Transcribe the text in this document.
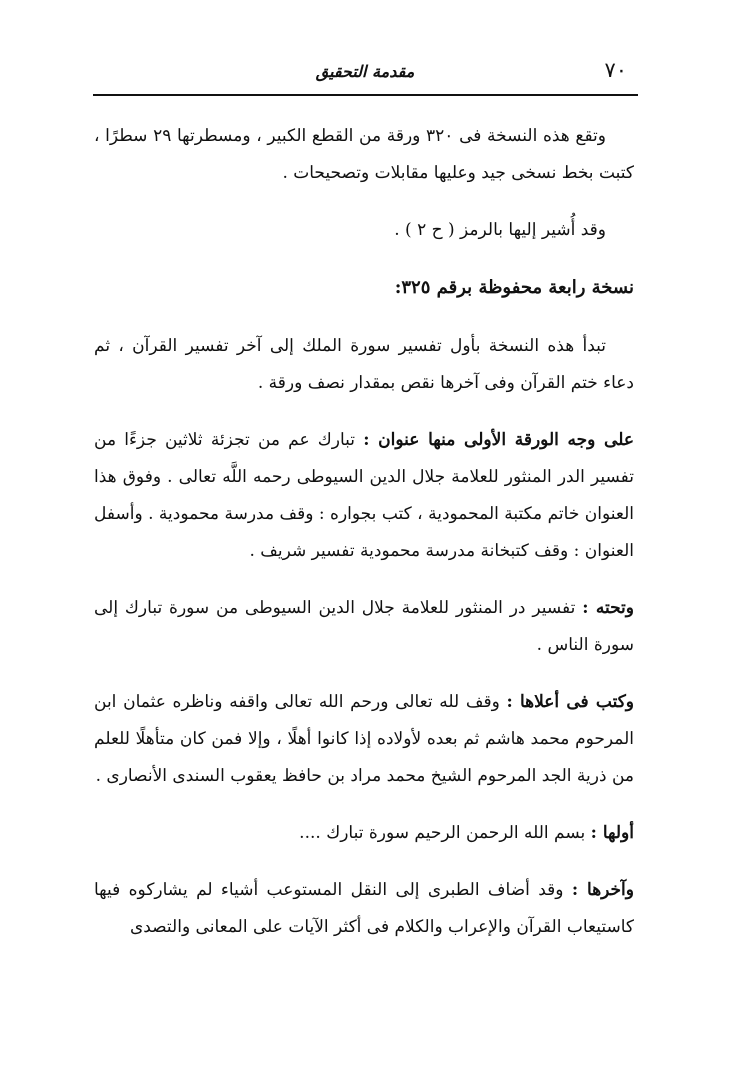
٧٠
مقدمة التحقيق

وتقع هذه النسخة فى ٣٢٠ ورقة من القطع الكبير ، ومسطرتها ٢٩ سطرًا ، كتبت بخط نسخى جيد وعليها مقابلات وتصحيحات .

وقد أُشير إليها بالرمز ( ح ٢ ) .

نسخة رابعة محفوظة برقم ٣٢٥:

تبدأ هذه النسخة بأول تفسير سورة الملك إلى آخر تفسير القرآن ، ثم دعاء ختم القرآن وفى آخرها نقص بمقدار نصف ورقة .

على وجه الورقة الأولى منها عنوان : تبارك عم من تجزئة ثلاثين جزءًا من تفسير الدر المنثور للعلامة جلال الدين السيوطى رحمه اللَّه تعالى . وفوق هذا العنوان خاتم مكتبة المحمودية ، كتب بجواره : وقف مدرسة محمودية . وأسفل العنوان : وقف كتبخانة مدرسة محمودية تفسير شريف .

وتحته : تفسير در المنثور للعلامة جلال الدين السيوطى من سورة تبارك إلى سورة الناس .

وكتب فى أعلاها : وقف لله تعالى ورحم الله تعالى واقفه وناظره عثمان ابن المرحوم محمد هاشم ثم بعده لأولاده إذا كانوا أهلًا ، وإلا فمن كان متأهلًا للعلم من ذرية الجد المرحوم الشيخ محمد مراد بن حافظ يعقوب السندى الأنصارى .

أولها : بسم الله الرحمن الرحيم سورة تبارك ....

وآخرها : وقد أضاف الطبرى إلى النقل المستوعب أشياء لم يشاركوه فيها كاستيعاب القرآن والإعراب والكلام فى أكثر الآيات على المعانى والتصدى
